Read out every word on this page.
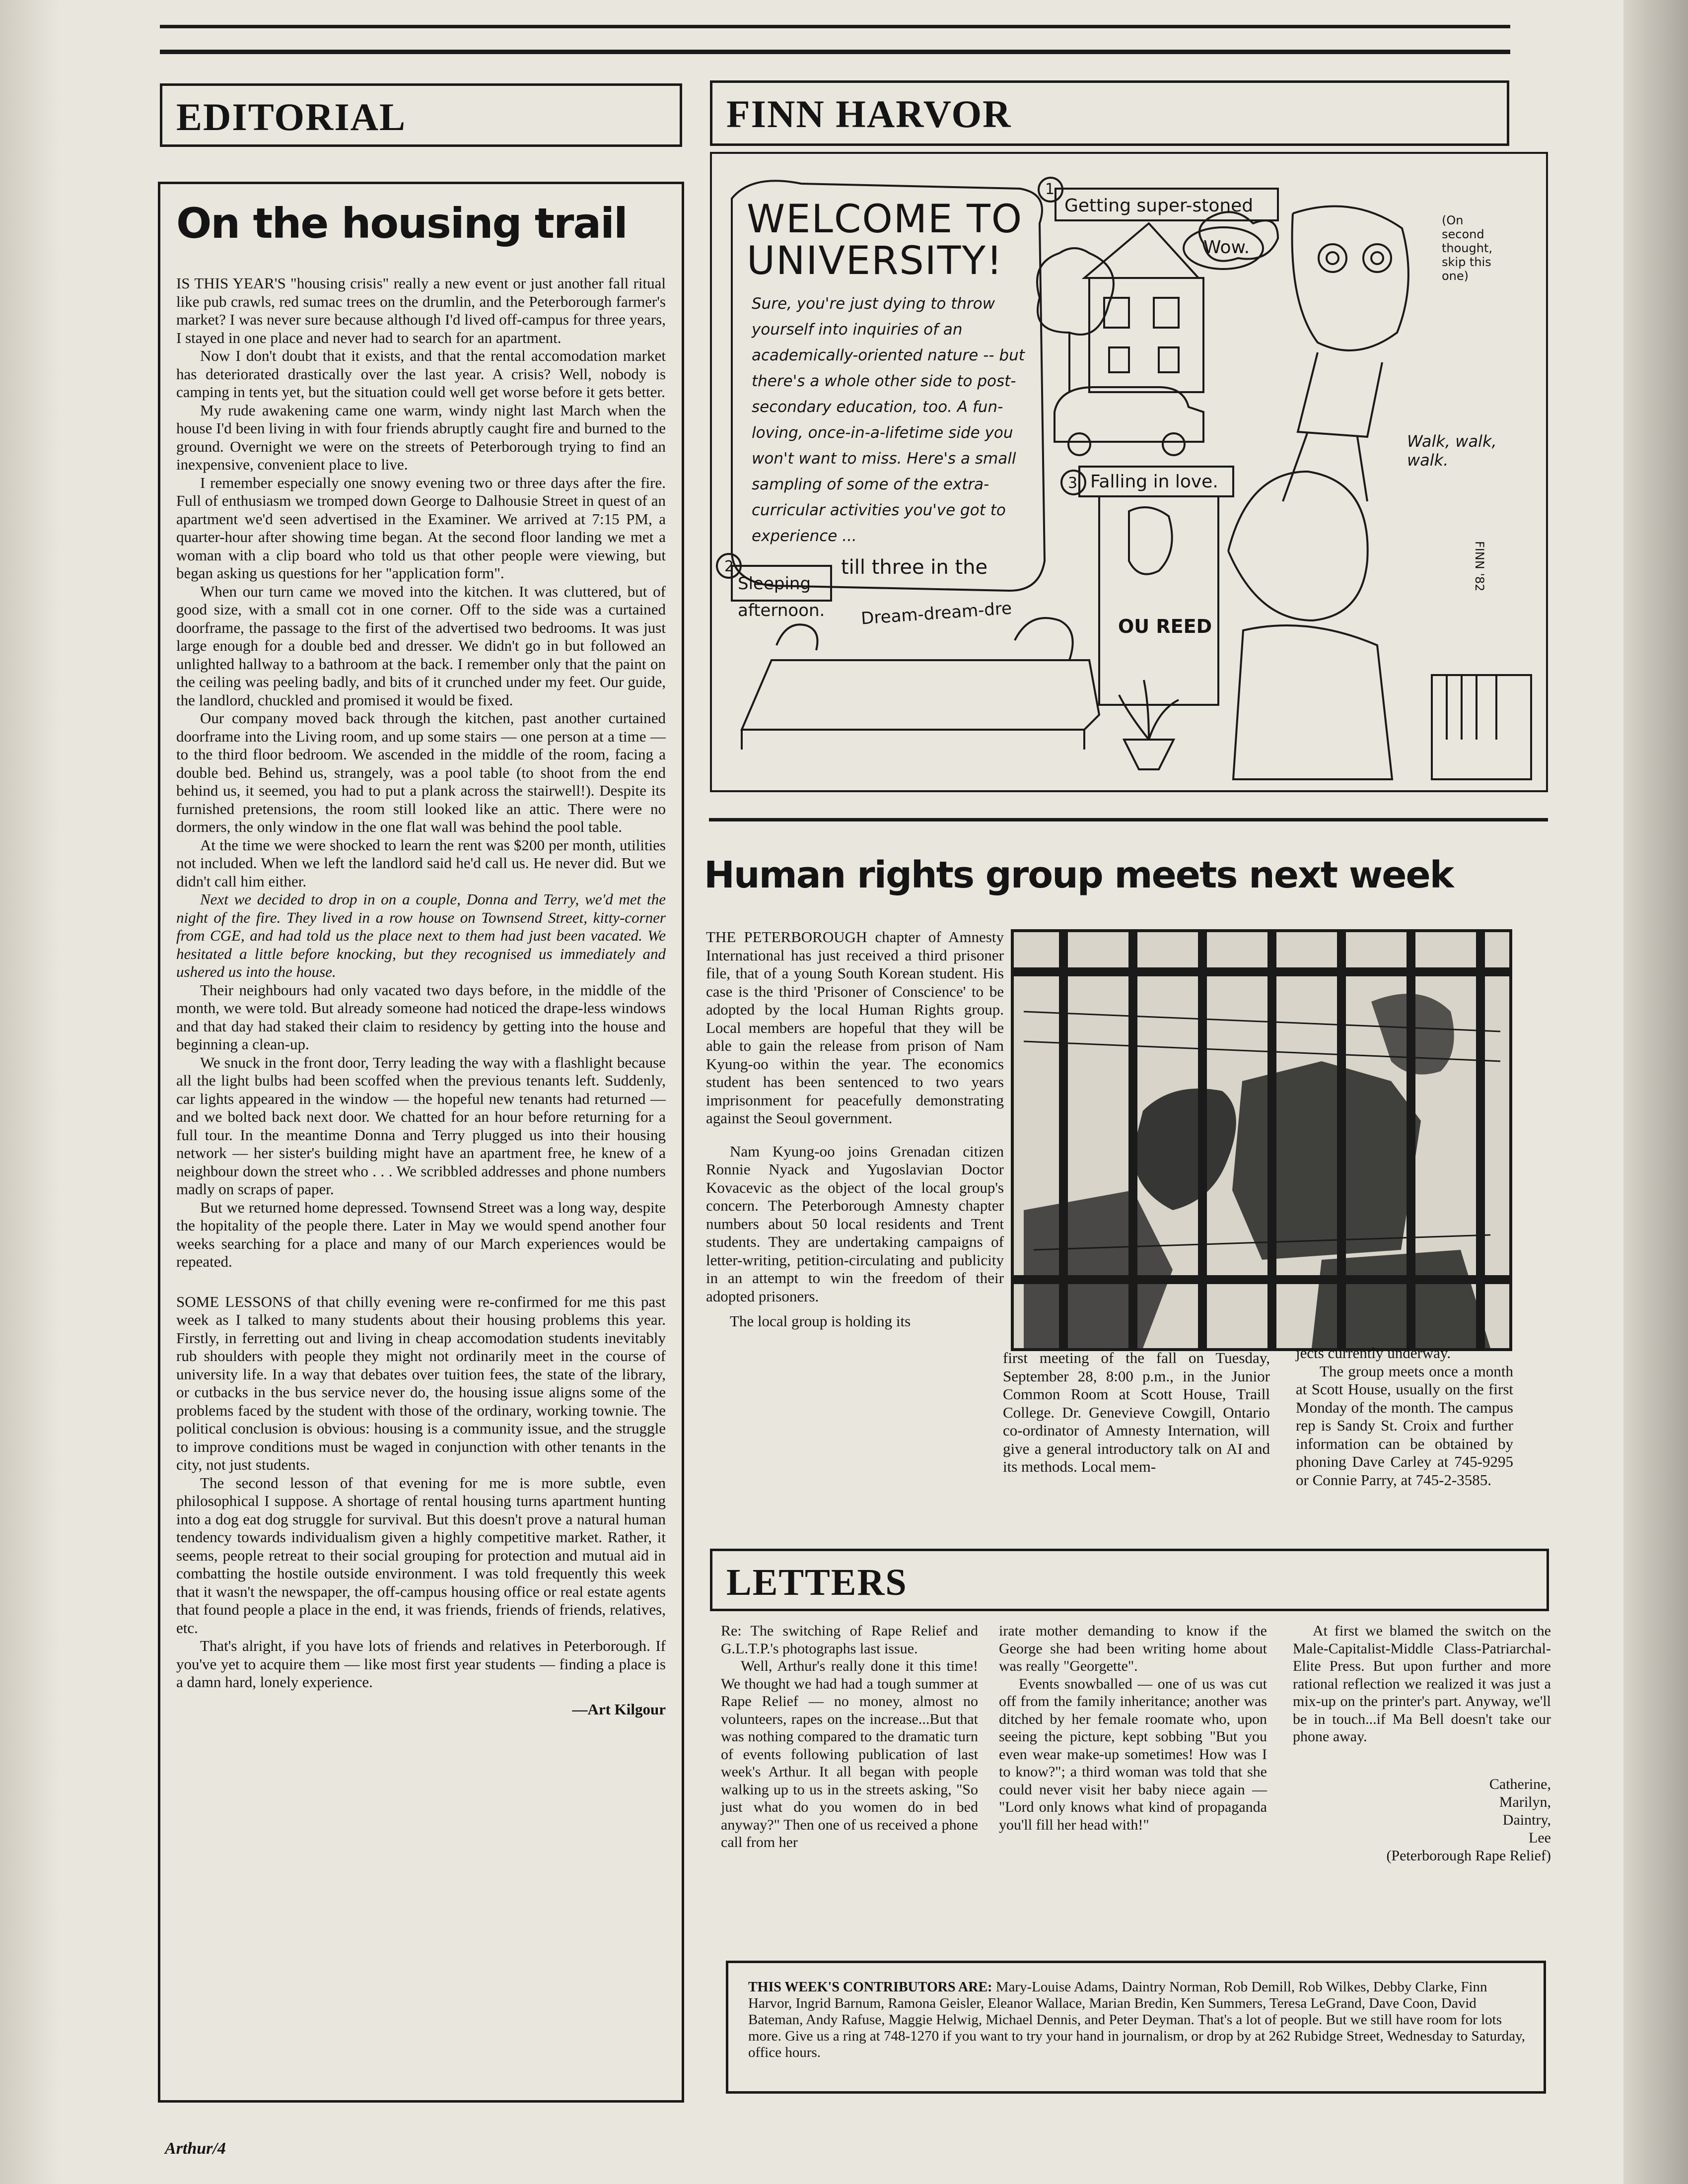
EDITORIAL	FINN HARVOR
On the housing trail

IS THIS YEAR'S "housing crisis" really a new event or just another fall ritual like pub crawls, red sumac trees on the drumlin, and the Peterborough farmer's market? I was never sure because although I'd lived off-campus for three years, I stayed in one place and never had to search for an apartment.

Now I don't doubt that it exists, and that the rental accomodation market has deteriorated drastically over the last year. A crisis? Well, nobody is camping in tents yet, but the situation could well get worse before it gets better.

My rude awakening came one warm, windy night last March when the house I'd been living in with four friends abruptly caught fire and burned to the ground. Overnight we were on the streets of Peterborough trying to find an inexpensive, convenient place to live.

I remember especially one snowy evening two or three days after the fire. Full of enthusiasm we tromped down George to Dalhousie Street in quest of an apartment we'd seen advertised in the Examiner. We arrived at 7:15 PM, a quarter-hour after showing time began. At the second floor landing we met a woman with a clip board who told us that other people were viewing, but began asking us questions for her "application form".

When our turn came we moved into the kitchen. It was cluttered, but of good size, with a small cot in one corner. Off to the side was a curtained doorframe, the passage to the first of the advertised two bedrooms. It was just large enough for a double bed and dresser. We didn't go in but followed an unlighted hallway to a bathroom at the back. I remember only that the paint on the ceiling was peeling badly, and bits of it crunched under my feet. Our guide, the landlord, chuckled and promised it would be fixed.

Our company moved back through the kitchen, past another curtained doorframe into the Living room, and up some stairs — one person at a time — to the third floor bedroom. We ascended in the middle of the room, facing a double bed. Behind us, strangely, was a pool table (to shoot from the end behind us, it seemed, you had to put a plank across the stairwell!). Despite its furnished pretensions, the room still looked like an attic. There were no dormers, the only window in the one flat wall was behind the pool table.

At the time we were shocked to learn the rent was $200 per month, utilities not included. When we left the landlord said he'd call us. He never did. But we didn't call him either.

Next we decided to drop in on a couple, Donna and Terry, we'd met the night of the fire. They lived in a row house on Townsend Street, kitty-corner from CGE, and had told us the place next to them had just been vacated. We hesitated a little before knocking, but they recognised us immediately and ushered us into the house.

Their neighbours had only vacated two days before, in the middle of the month, we were told. But already someone had noticed the drape-less windows and that day had staked their claim to residency by getting into the house and beginning a clean-up.

We snuck in the front door, Terry leading the way with a flashlight because all the light bulbs had been scoffed when the previous tenants left. Suddenly, car lights appeared in the window — the hopeful new tenants had returned — and we bolted back next door. We chatted for an hour before returning for a full tour. In the meantime Donna and Terry plugged us into their housing network — her sister's building might have an apartment free, he knew of a neighbour down the street who . . . We scribbled addresses and phone numbers madly on scraps of paper.

But we returned home depressed. Townsend Street was a long way, despite the hopitality of the people there. Later in May we would spend another four weeks searching for a place and many of our March experiences would be repeated.

SOME LESSONS of that chilly evening were re-confirmed for me this past week as I talked to many students about their housing problems this year. Firstly, in ferretting out and living in cheap accomodation students inevitably rub shoulders with people they might not ordinarily meet in the course of university life. In a way that debates over tuition fees, the state of the library, or cutbacks in the bus service never do, the housing issue aligns some of the problems faced by the student with those of the ordinary, working townie. The political conclusion is obvious: housing is a community issue, and the struggle to improve conditions must be waged in conjunction with other tenants in the city, not just students.

The second lesson of that evening for me is more subtle, even philosophical I suppose. A shortage of rental housing turns apartment hunting into a dog eat dog struggle for survival. But this doesn't prove a natural human tendency towards individualism given a highly competitive market. Rather, it seems, people retreat to their social grouping for protection and mutual aid in combatting the hostile outside environment. I was told frequently this week that it wasn't the newspaper, the off-campus housing office or real estate agents that found people a place in the end, it was friends, friends of friends, relatives, etc.

That's alright, if you have lots of friends and relatives in Peterborough. If you've yet to acquire them — like most first year students — finding a place is a damn hard, lonely experience.

—Art Kilgour
WELCOME TO UNIVERSITY!
Sure, you're just dying to throw yourself into inquiries of an academically-oriented nature -- but there's a whole other side to post-secondary education, too. A fun-loving, once-in-a-lifetime side you won't want to miss. Here's a small sampling of some of the extra-curricular activities you've got to experience ...
1
Getting super-stoned
Wow.
(On second thought, skip this one)
Walk, walk, walk.
2
Sleeping
till three in the
afternoon. Dream-dream-dre
3 Falling in love.
OU REED
FINN '82
Human rights group meets next week

THE PETERBOROUGH chapter of Amnesty International has just received a third prisoner file, that of a young South Korean student. His case is the third 'Prisoner of Conscience' to be adopted by the local Human Rights group. Local members are hopeful that they will be able to gain the release from prison of Nam Kyung-oo within the year. The economics student has been sentenced to two years imprisonment for peacefully demonstrating against the Seoul government.

Nam Kyung-oo joins Grenadan citizen Ronnie Nyack and Yugoslavian Doctor Kovacevic as the object of the local group's concern. The Peterborough Amnesty chapter numbers about 50 local residents and Trent students. They are undertaking campaigns of letter-writing, petition-circulating and publicity in an attempt to win the freedom of their adopted prisoners.

The local group is holding its

first meeting of the fall on Tuesday, September 28, 8:00 p.m., in the Junior Common Room at Scott House, Traill College. Dr. Genevieve Cowgill, Ontario co-ordinator of Amnesty Internation, will give a general introductory talk on AI and its methods. Local mem-

jects currently underway.

The group meets once a month at Scott House, usually on the first Monday of the month. The campus rep is Sandy St. Croix and further information can be obtained by phoning Dave Carley at 745-9295 or Connie Parry, at 745-2-3585.

LETTERS

Re: The switching of Rape Relief and G.L.T.P.'s photographs last issue.

Well, Arthur's really done it this time! We thought we had had a tough summer at Rape Relief — no money, almost no volunteers, rapes on the increase...But that was nothing compared to the dramatic turn of events following publication of last week's Arthur. It all began with people walking up to us in the streets asking, "So just what do you women do in bed anyway?" Then one of us received a phone call from her

irate mother demanding to know if the George she had been writing home about was really "Georgette".

Events snowballed — one of us was cut off from the family inheritance; another was ditched by her female roomate who, upon seeing the picture, kept sobbing "But you even wear make-up sometimes! How was I to know?"; a third woman was told that she could never visit her baby niece again — "Lord only knows what kind of propaganda you'll fill her head with!"

At first we blamed the switch on the Male-Capitalist-Middle Class-Patriarchal-Elite Press. But upon further and more rational reflection we realized it was just a mix-up on the printer's part. Anyway, we'll be in touch...if Ma Bell doesn't take our phone away.

Catherine,
Marilyn,
Daintry,
Lee
(Peterborough Rape Relief)
THIS WEEK'S CONTRIBUTORS ARE: Mary-Louise Adams, Daintry Norman, Rob Demill, Rob Wilkes, Debby Clarke, Finn Harvor, Ingrid Barnum, Ramona Geisler, Eleanor Wallace, Marian Bredin, Ken Summers, Teresa LeGrand, Dave Coon, David Bateman, Andy Rafuse, Maggie Helwig, Michael Dennis, and Peter Deyman. That's a lot of people. But we still have room for lots more. Give us a ring at 748-1270 if you want to try your hand in journalism, or drop by at 262 Rubidge Street, Wednesday to Saturday, office hours.
Arthur/4
